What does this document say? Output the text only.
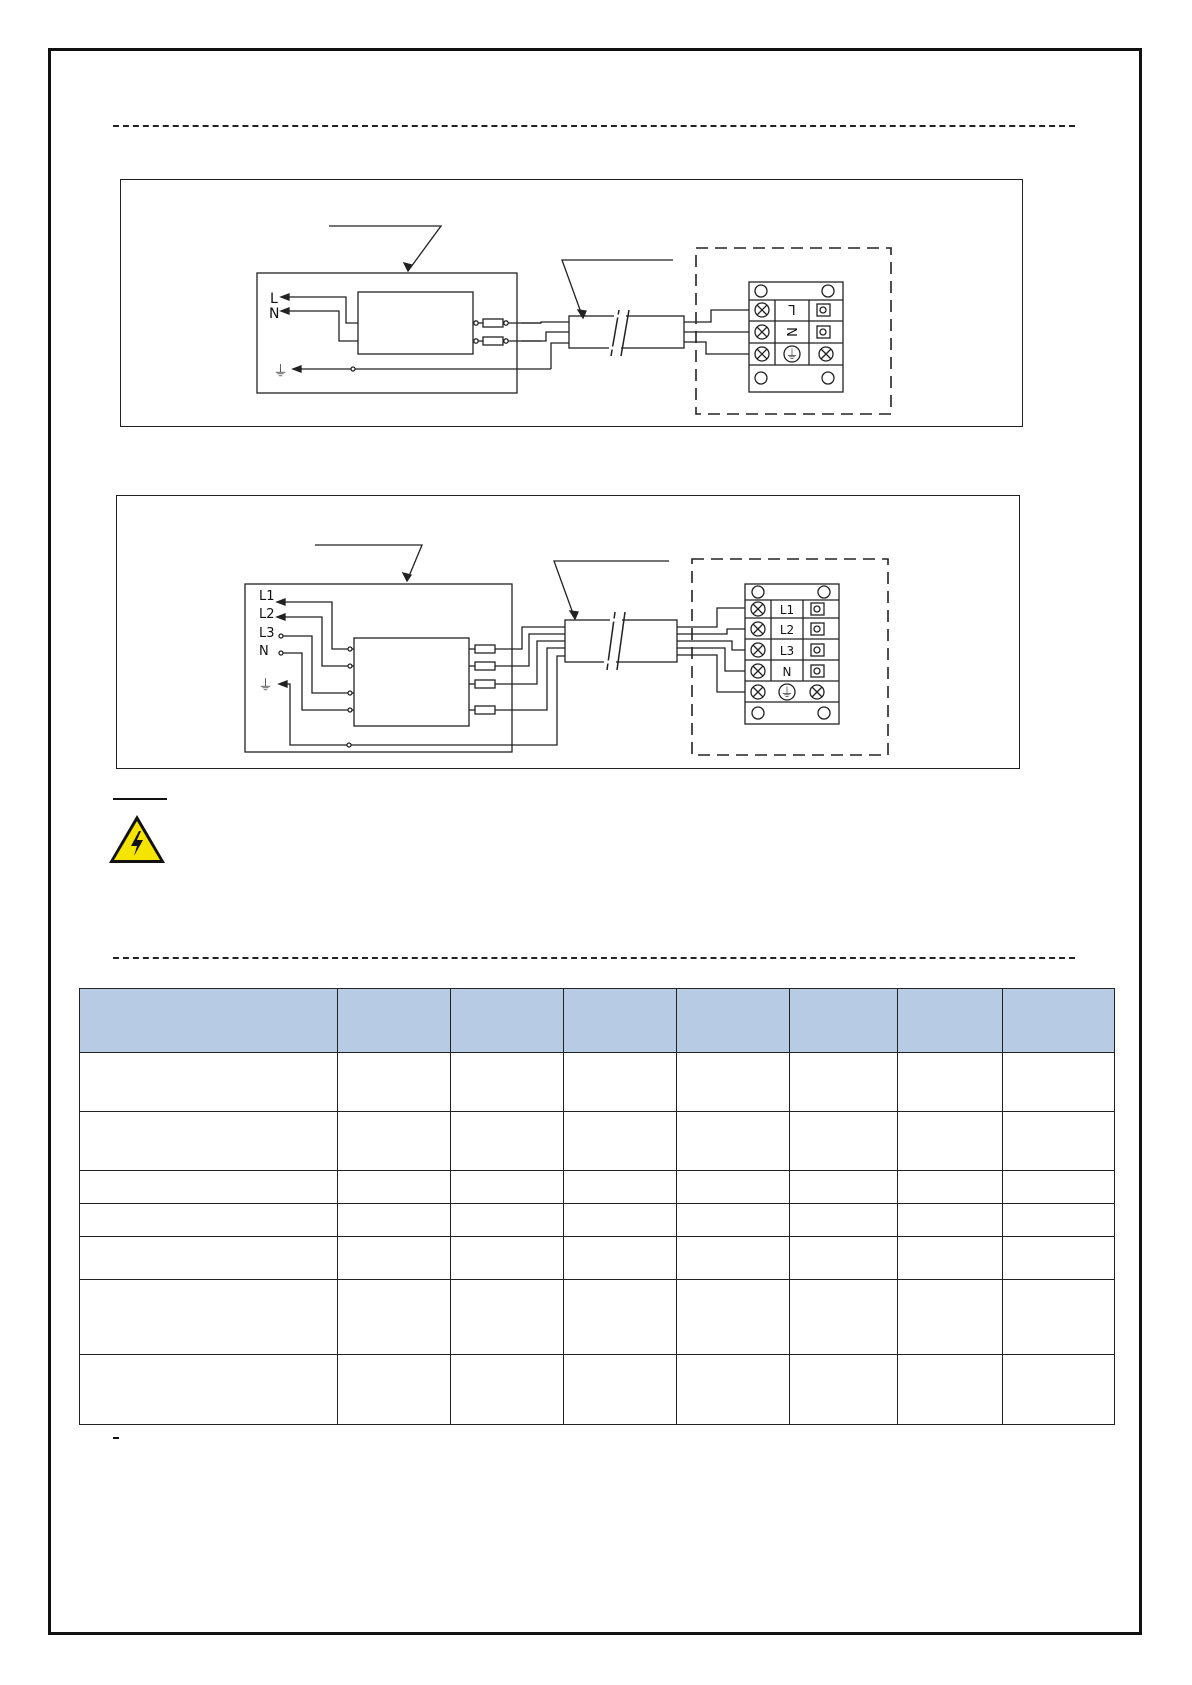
L
N
⏚
L
N
⏚
L1
L2
L3
N
⏚
L1
L2
L3
N
⏚
